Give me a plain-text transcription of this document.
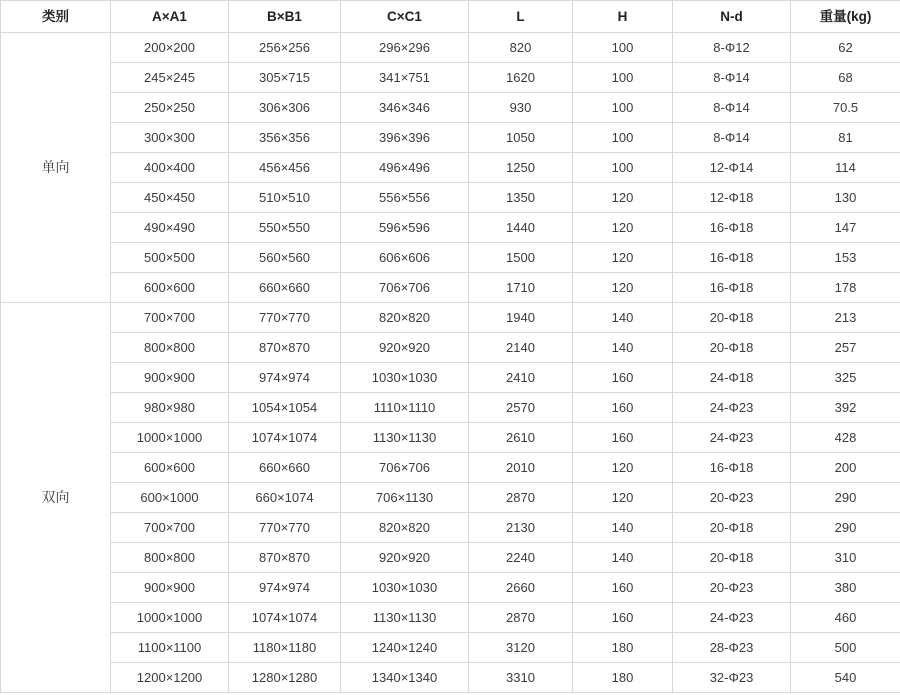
类别	A×A1	B×B1	C×C1	L	H	N-d	重量(kg)
单向	200×200	256×256	296×296	820	100	8-Φ12	62
	245×245	305×715	341×751	1620	100	8-Φ14	68
	250×250	306×306	346×346	930	100	8-Φ14	70.5
	300×300	356×356	396×396	1050	100	8-Φ14	81
	400×400	456×456	496×496	1250	100	12-Φ14	114
	450×450	510×510	556×556	1350	120	12-Φ18	130
	490×490	550×550	596×596	1440	120	16-Φ18	147
	500×500	560×560	606×606	1500	120	16-Φ18	153
	600×600	660×660	706×706	1710	120	16-Φ18	178
双向	700×700	770×770	820×820	1940	140	20-Φ18	213
	800×800	870×870	920×920	2140	140	20-Φ18	257
	900×900	974×974	1030×1030	2410	160	24-Φ18	325
	980×980	1054×1054	1110×1110	2570	160	24-Φ23	392
	1000×1000	1074×1074	1130×1130	2610	160	24-Φ23	428
	600×600	660×660	706×706	2010	120	16-Φ18	200
	600×1000	660×1074	706×1130	2870	120	20-Φ23	290
	700×700	770×770	820×820	2130	140	20-Φ18	290
	800×800	870×870	920×920	2240	140	20-Φ18	310
	900×900	974×974	1030×1030	2660	160	20-Φ23	380
	1000×1000	1074×1074	1130×1130	2870	160	24-Φ23	460
	1100×1100	1180×1180	1240×1240	3120	180	28-Φ23	500
	1200×1200	1280×1280	1340×1340	3310	180	32-Φ23	540
